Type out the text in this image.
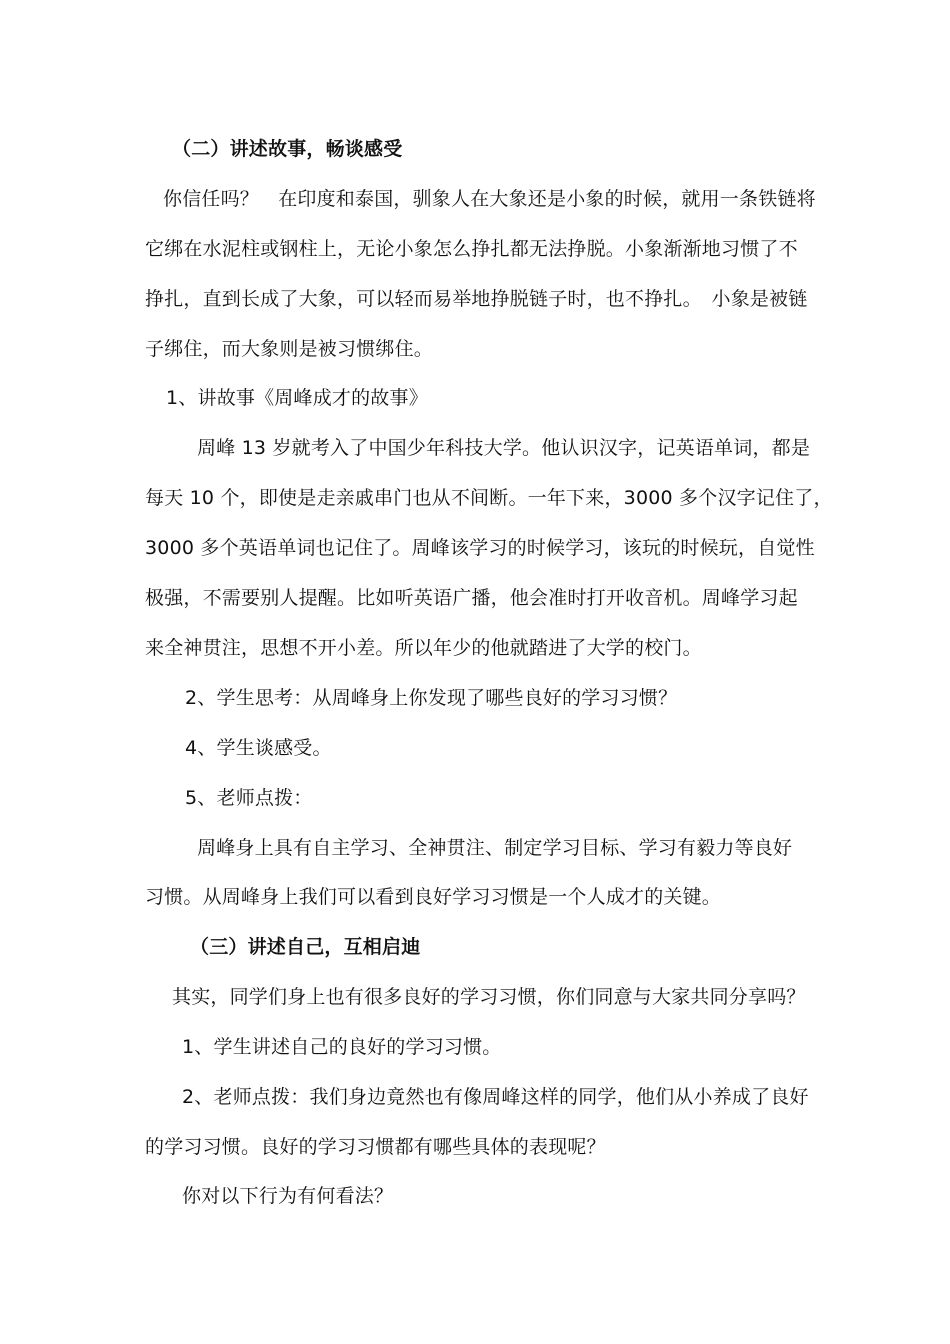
（二）讲述故事，畅谈感受
你信任吗？　在印度和泰国，驯象人在大象还是小象的时候，就用一条铁链将
它绑在水泥柱或钢柱上，无论小象怎么挣扎都无法挣脱。小象渐渐地习惯了不
挣扎，直到长成了大象，可以轻而易举地挣脱链子时，也不挣扎。　小象是被链
子绑住，而大象则是被习惯绑住。
1、讲故事《周峰成才的故事》
周峰 13 岁就考入了中国少年科技大学。他认识汉字，记英语单词，都是
每天 10 个，即使是走亲戚串门也从不间断。一年下来，3000 多个汉字记住了，
3000 多个英语单词也记住了。周峰该学习的时候学习，该玩的时候玩，自觉性
极强，不需要别人提醒。比如听英语广播，他会准时打开收音机。周峰学习起
来全神贯注，思想不开小差。所以年少的他就踏进了大学的校门。
2、学生思考：从周峰身上你发现了哪些良好的学习习惯？
4、学生谈感受。
5、老师点拨：
周峰身上具有自主学习、全神贯注、制定学习目标、学习有毅力等良好
习惯。从周峰身上我们可以看到良好学习习惯是一个人成才的关键。
（三）讲述自己，互相启迪
其实，同学们身上也有很多良好的学习习惯，你们同意与大家共同分享吗？
1、学生讲述自己的良好的学习习惯。
2、老师点拨：我们身边竟然也有像周峰这样的同学，他们从小养成了良好
的学习习惯。良好的学习习惯都有哪些具体的表现呢？
你对以下行为有何看法？
